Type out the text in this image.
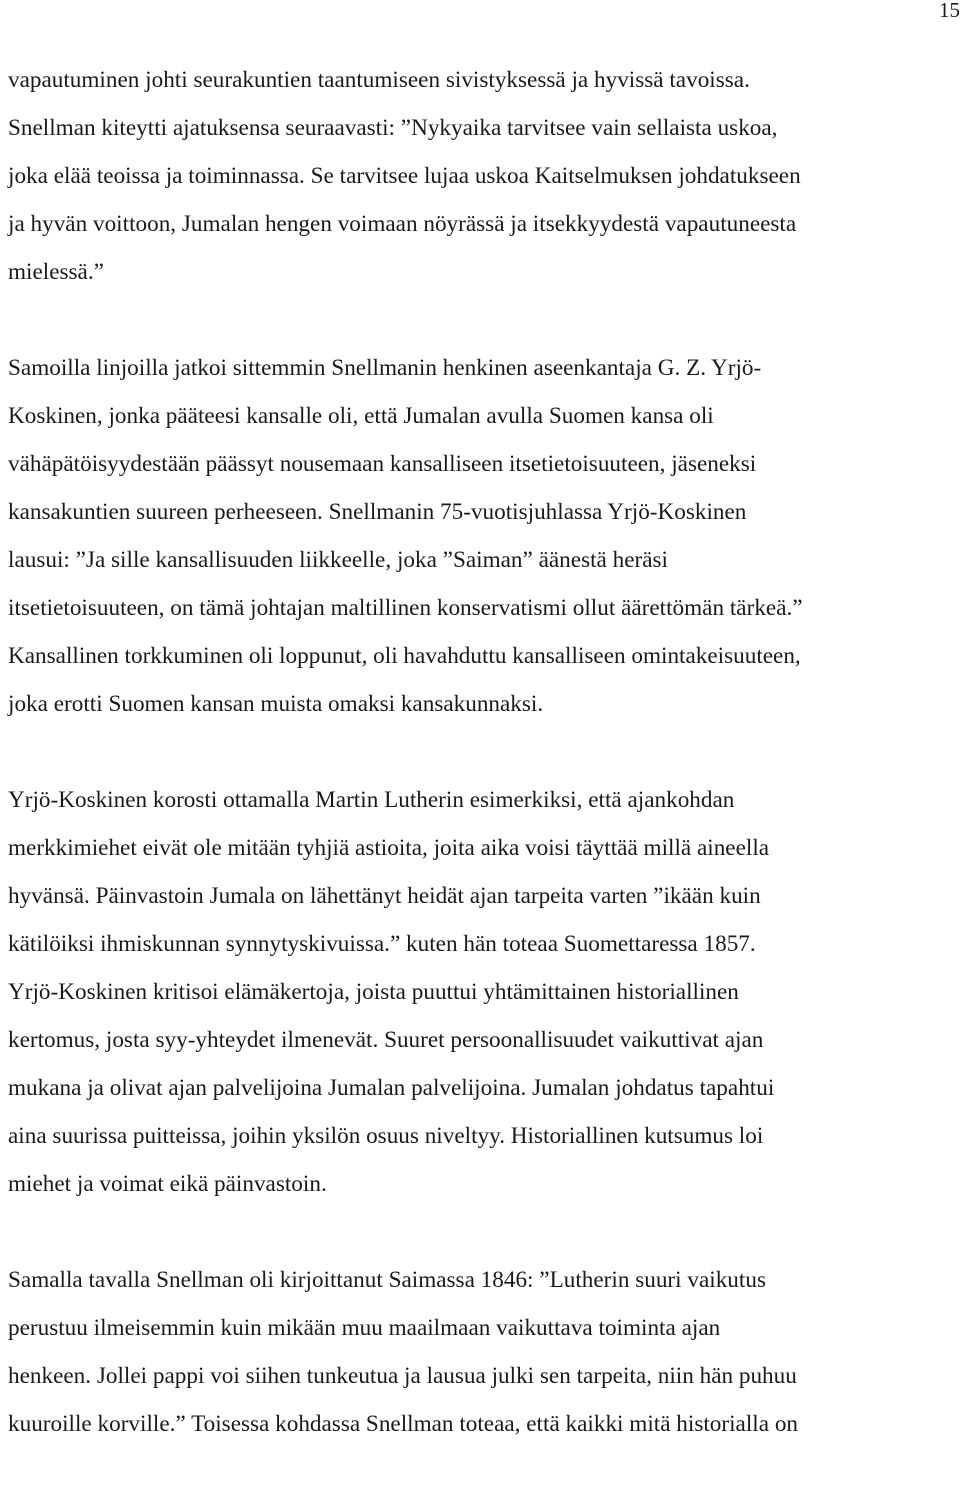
15
vapautuminen johti seurakuntien taantumiseen sivistyksessä ja hyvissä tavoissa.
Snellman kiteytti ajatuksensa seuraavasti: ”Nykyaika tarvitsee vain sellaista uskoa,
joka elää teoissa ja toiminnassa. Se tarvitsee lujaa uskoa Kaitselmuksen johdatukseen
ja hyvän voittoon, Jumalan hengen voimaan nöyrässä ja itsekkyydestä vapautuneesta
mielessä.”
Samoilla linjoilla jatkoi sittemmin Snellmanin henkinen aseenkantaja G. Z. Yrjö-
Koskinen, jonka pääteesi kansalle oli, että Jumalan avulla Suomen kansa oli
vähäpätöisyydestään päässyt nousemaan kansalliseen itsetietoisuuteen, jäseneksi
kansakuntien suureen perheeseen. Snellmanin 75-vuotisjuhlassa Yrjö-Koskinen
lausui: ”Ja sille kansallisuuden liikkeelle, joka ”Saiman” äänestä heräsi
itsetietoisuuteen, on tämä johtajan maltillinen konservatismi ollut äärettömän tärkeä.”
Kansallinen torkkuminen oli loppunut, oli havahduttu kansalliseen omintakeisuuteen,
joka erotti Suomen kansan muista omaksi kansakunnaksi.
Yrjö-Koskinen korosti ottamalla Martin Lutherin esimerkiksi, että ajankohdan
merkkimiehet eivät ole mitään tyhjiä astioita, joita aika voisi täyttää millä aineella
hyvänsä. Päinvastoin Jumala on lähettänyt heidät ajan tarpeita varten ”ikään kuin
kätilöiksi ihmiskunnan synnytyskivuissa.” kuten hän toteaa Suomettaressa 1857.
Yrjö-Koskinen kritisoi elämäkertoja, joista puuttui yhtämittainen historiallinen
kertomus, josta syy-yhteydet ilmenevät. Suuret persoonallisuudet vaikuttivat ajan
mukana ja olivat ajan palvelijoina Jumalan palvelijoina. Jumalan johdatus tapahtui
aina suurissa puitteissa, joihin yksilön osuus niveltyy. Historiallinen kutsumus loi
miehet ja voimat eikä päinvastoin.
Samalla tavalla Snellman oli kirjoittanut Saimassa 1846: ”Lutherin suuri vaikutus
perustuu ilmeisemmin kuin mikään muu maailmaan vaikuttava toiminta ajan
henkeen. Jollei pappi voi siihen tunkeutua ja lausua julki sen tarpeita, niin hän puhuu
kuuroille korville.” Toisessa kohdassa Snellman toteaa, että kaikki mitä historialla on
